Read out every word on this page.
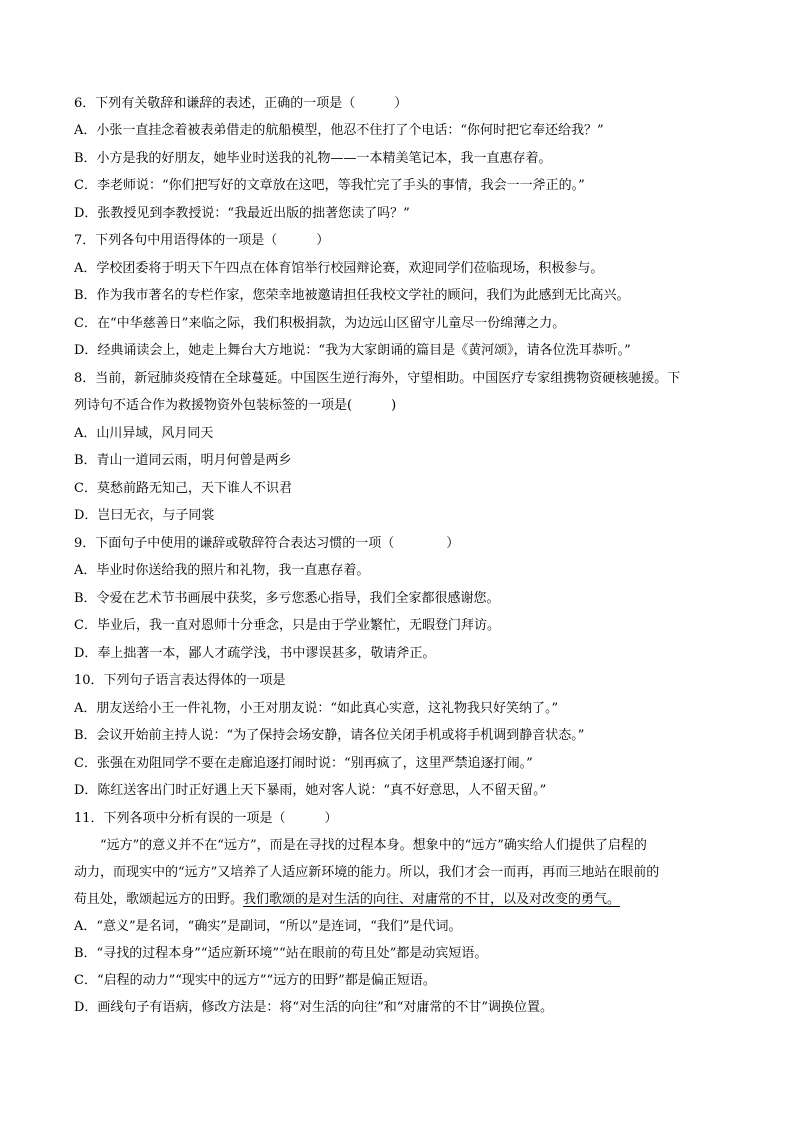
6．下列有关敬辞和谦辞的表述，正确的一项是（　　　）
A．小张一直挂念着被表弟借走的航船模型，他忍不住打了个电话：“你何时把它奉还给我？”
B．小方是我的好朋友，她毕业时送我的礼物——一本精美笔记本，我一直惠存着。
C．李老师说：“你们把写好的文章放在这吧，等我忙完了手头的事情，我会一一斧正的。”
D．张教授见到李教授说：“我最近出版的拙著您读了吗？”
7．下列各句中用语得体的一项是（　　　）
A．学校团委将于明天下午四点在体育馆举行校园辩论赛，欢迎同学们莅临现场，积极参与。
B．作为我市著名的专栏作家，您荣幸地被邀请担任我校文学社的顾问，我们为此感到无比高兴。
C．在“中华慈善日”来临之际，我们积极捐款，为边远山区留守儿童尽一份绵薄之力。
D．经典诵读会上，她走上舞台大方地说：“我为大家朗诵的篇目是《黄河颂》，请各位洗耳恭听。”
8．当前，新冠肺炎疫情在全球蔓延。中国医生逆行海外，守望相助。中国医疗专家组携物资硬核驰援。下
列诗句不适合作为救援物资外包装标签的一项是(　　　)
A．山川异域，风月同天
B．青山一道同云雨，明月何曾是两乡
C．莫愁前路无知己，天下谁人不识君
D．岂曰无衣，与子同裳
9．下面句子中使用的谦辞或敬辞符合表达习惯的一项（　　　　）
A．毕业时你送给我的照片和礼物，我一直惠存着。
B．令爱在艺术节书画展中获奖，多亏您悉心指导，我们全家都很感谢您。
C．毕业后，我一直对恩师十分垂念，只是由于学业繁忙，无暇登门拜访。
D．奉上拙著一本，鄙人才疏学浅，书中谬误甚多，敬请斧正。
10．下列句子语言表达得体的一项是
A．朋友送给小王一件礼物，小王对朋友说：“如此真心实意，这礼物我只好笑纳了。”
B．会议开始前主持人说：“为了保持会场安静，请各位关闭手机或将手机调到静音状态。”
C．张强在劝阻同学不要在走廊追逐打闹时说：“别再疯了，这里严禁追逐打闹。”
D．陈红送客出门时正好遇上天下暴雨，她对客人说：“真不好意思，人不留天留。”
11．下列各项中分析有误的一项是（　　　）
“远方”的意义并不在“远方”，而是在寻找的过程本身。想象中的“远方”确实给人们提供了启程的
动力，而现实中的“远方”又培养了人适应新环境的能力。所以，我们才会一而再，再而三地站在眼前的
苟且处，歌颂起远方的田野。我们歌颂的是对生活的向往、对庸常的不甘，以及对改变的勇气。
A．“意义”是名词，“确实”是副词，“所以”是连词，“我们”是代词。
B．“寻找的过程本身”“适应新环境”“站在眼前的苟且处”都是动宾短语。
C．“启程的动力”“现实中的远方”“远方的田野”都是偏正短语。
D．画线句子有语病，修改方法是：将“对生活的向往”和“对庸常的不甘”调换位置。
